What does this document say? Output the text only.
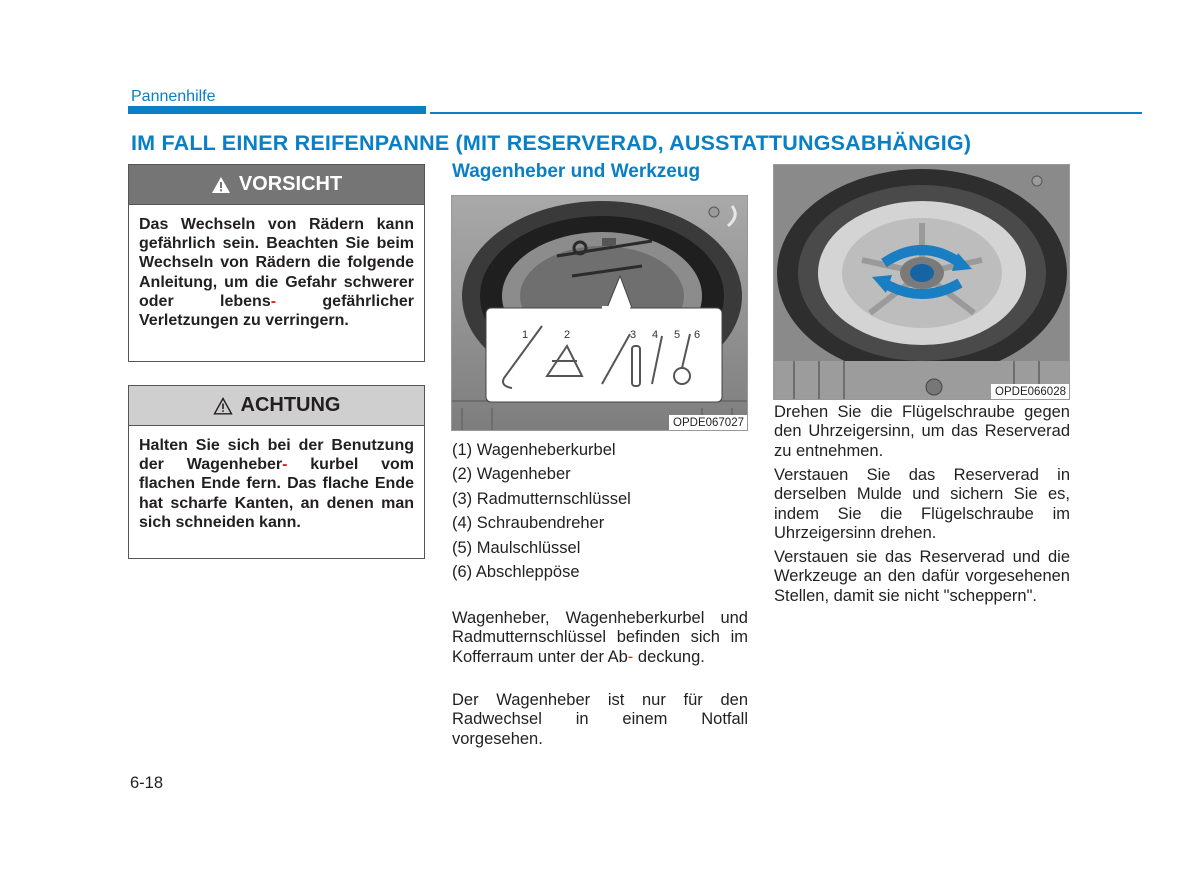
Pannenhilfe
IM FALL EINER REIFENPANNE (MIT RESERVERAD, AUSSTATTUNGSABHÄNGIG)
VORSICHT
Das Wechseln von Rädern kann gefährlich sein. Beachten Sie beim Wechseln von Rädern die folgende Anleitung, um die Gefahr schwerer oder lebens-	gefährlicher Verletzungen zu verringern.
ACHTUNG
Halten Sie sich bei der Benutzung der Wagenheber- kurbel vom flachen Ende fern. Das flache Ende hat scharfe Kanten, an denen man sich schneiden kann.
Wagenheber und Werkzeug
1	2	3 4 5 6
OPDE067027
(1) Wagenheberkurbel
(2) Wagenheber
(3) Radmutternschlüssel
(4) Schraubendreher
(5) Maulschlüssel
(6) Abschleppöse
Wagenheber, Wagenheberkurbel und Radmutternschlüssel befinden sich im Kofferraum unter der Ab- deckung.
Der Wagenheber ist nur für den Radwechsel in einem Notfall vorgesehen.
OPDE066028
Drehen Sie die Flügelschraube gegen den Uhrzeigersinn, um das Reserverad zu entnehmen.
Verstauen Sie das Reserverad in derselben Mulde und sichern Sie es, indem Sie die Flügelschraube im Uhrzeigersinn drehen.
Verstauen sie das Reserverad und die Werkzeuge an den dafür vorgesehenen Stellen, damit sie nicht "scheppern".
6-18
